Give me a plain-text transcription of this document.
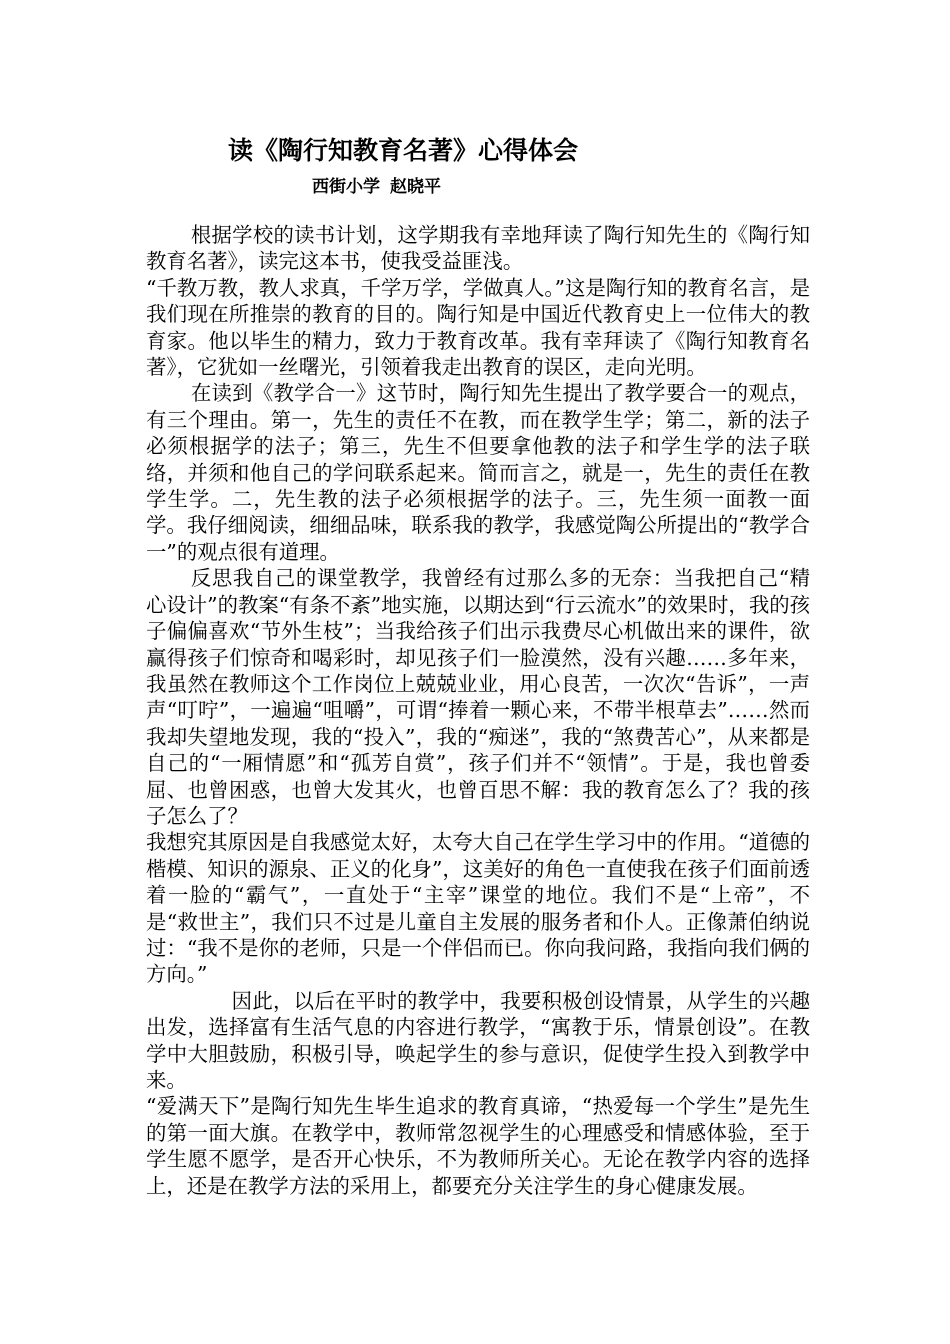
读《陶行知教育名著》心得体会
西街小学 赵晓平

根据学校的读书计划，这学期我有幸地拜读了陶行知先生的《陶行知教育名著》，读完这本书，使我受益匪浅。

“千教万教，教人求真，千学万学，学做真人。”这是陶行知的教育名言，是我们现在所推崇的教育的目的。陶行知是中国近代教育史上一位伟大的教育家。他以毕生的精力，致力于教育改革。我有幸拜读了《陶行知教育名著》，它犹如一丝曙光，引领着我走出教育的误区，走向光明。

在读到《教学合一》这节时，陶行知先生提出了教学要合一的观点，有三个理由。第一，先生的责任不在教，而在教学生学；第二，新的法子必须根据学的法子；第三，先生不但要拿他教的法子和学生学的法子联络，并须和他自己的学问联系起来。简而言之，就是一，先生的责任在教学生学。二，先生教的法子必须根据学的法子。三，先生须一面教一面学。我仔细阅读，细细品味，联系我的教学，我感觉陶公所提出的“教学合一”的观点很有道理。

反思我自己的课堂教学，我曾经有过那么多的无奈：当我把自己“精心设计”的教案“有条不紊”地实施，以期达到“行云流水”的效果时，我的孩子偏偏喜欢“节外生枝”；当我给孩子们出示我费尽心机做出来的课件，欲赢得孩子们惊奇和喝彩时，却见孩子们一脸漠然，没有兴趣……多年来，我虽然在教师这个工作岗位上兢兢业业，用心良苦，一次次“告诉”，一声声“叮咛”，一遍遍“咀嚼”，可谓“捧着一颗心来，不带半根草去”……然而我却失望地发现，我的“投入”，我的“痴迷”，我的“煞费苦心”，从来都是自己的“一厢情愿”和“孤芳自赏”，孩子们并不“领情”。于是，我也曾委屈、也曾困惑，也曾大发其火，也曾百思不解：我的教育怎么了？我的孩子怎么了？

我想究其原因是自我感觉太好，太夸大自己在学生学习中的作用。“道德的楷模、知识的源泉、正义的化身”，这美好的角色一直使我在孩子们面前透着一脸的“霸气”，一直处于“主宰”课堂的地位。我们不是“上帝”，不是“救世主”，我们只不过是儿童自主发展的服务者和仆人。正像萧伯纳说过：“我不是你的老师，只是一个伴侣而已。你向我问路，我指向我们俩的方向。”

因此，以后在平时的教学中，我要积极创设情景，从学生的兴趣出发，选择富有生活气息的内容进行教学，“寓教于乐，情景创设”。在教学中大胆鼓励，积极引导，唤起学生的参与意识，促使学生投入到教学中来。

“爱满天下”是陶行知先生毕生追求的教育真谛，“热爱每一个学生”是先生的第一面大旗。在教学中，教师常忽视学生的心理感受和情感体验，至于学生愿不愿学，是否开心快乐，不为教师所关心。无论在教学内容的选择上，还是在教学方法的采用上，都要充分关注学生的身心健康发展。
